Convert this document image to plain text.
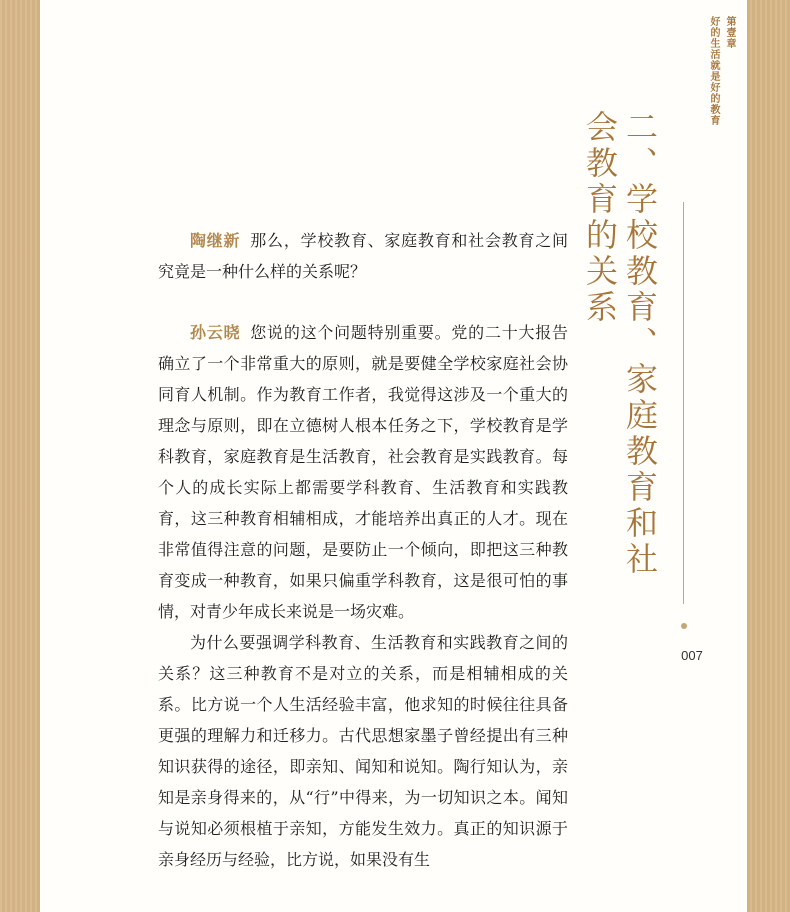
第壹章
好的生活就是好的教育
二、学校教育、家庭教育和社会教育的关系
007

陶继新 那么，学校教育、家庭教育和社会教育之间究竟是一种什么样的关系呢？

孙云晓 您说的这个问题特别重要。党的二十大报告确立了一个非常重大的原则，就是要健全学校家庭社会协同育人机制。作为教育工作者，我觉得这涉及一个重大的理念与原则，即在立德树人根本任务之下，学校教育是学科教育，家庭教育是生活教育，社会教育是实践教育。每个人的成长实际上都需要学科教育、生活教育和实践教育，这三种教育相辅相成，才能培养出真正的人才。现在非常值得注意的问题，是要防止一个倾向，即把这三种教育变成一种教育，如果只偏重学科教育，这是很可怕的事情，对青少年成长来说是一场灾难。

为什么要强调学科教育、生活教育和实践教育之间的关系？这三种教育不是对立的关系，而是相辅相成的关系。比方说一个人生活经验丰富，他求知的时候往往具备更强的理解力和迁移力。古代思想家墨子曾经提出有三种知识获得的途径，即亲知、闻知和说知。陶行知认为，亲知是亲身得来的，从“行”中得来，为一切知识之本。闻知与说知必须根植于亲知，方能发生效力。真正的知识源于亲身经历与经验，比方说，如果没有生
